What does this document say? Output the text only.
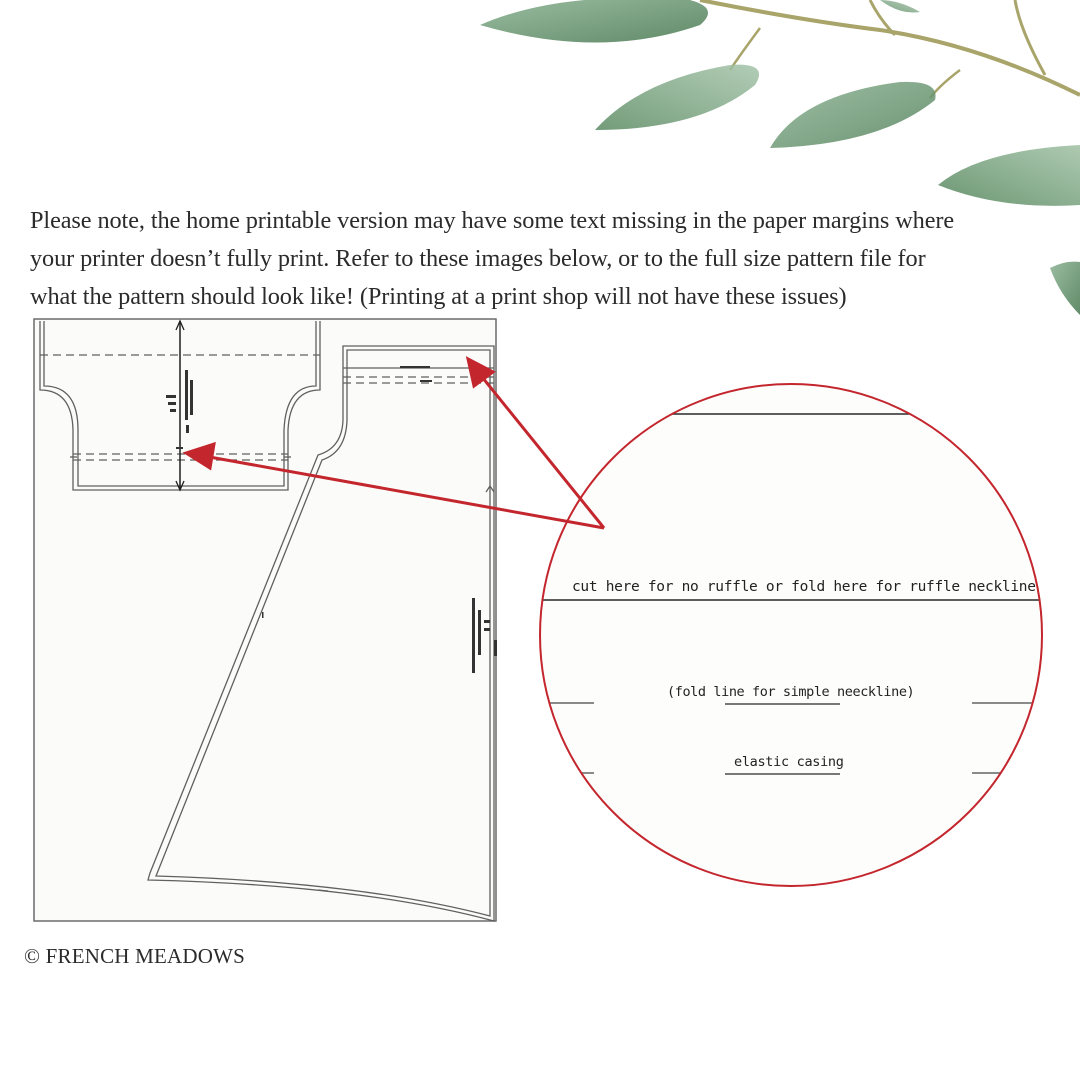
Please note, the home printable version may have some text missing in the paper margins where
your printer doesn’t fully print. Refer to these images below, or to the full size pattern file for
what the pattern should look like! (Printing at a print shop will not have these issues)

cut here for no ruffle or fold here for ruffle neckline
(fold line for simple neeckline)
elastic casing
© FRENCH MEADOWS
